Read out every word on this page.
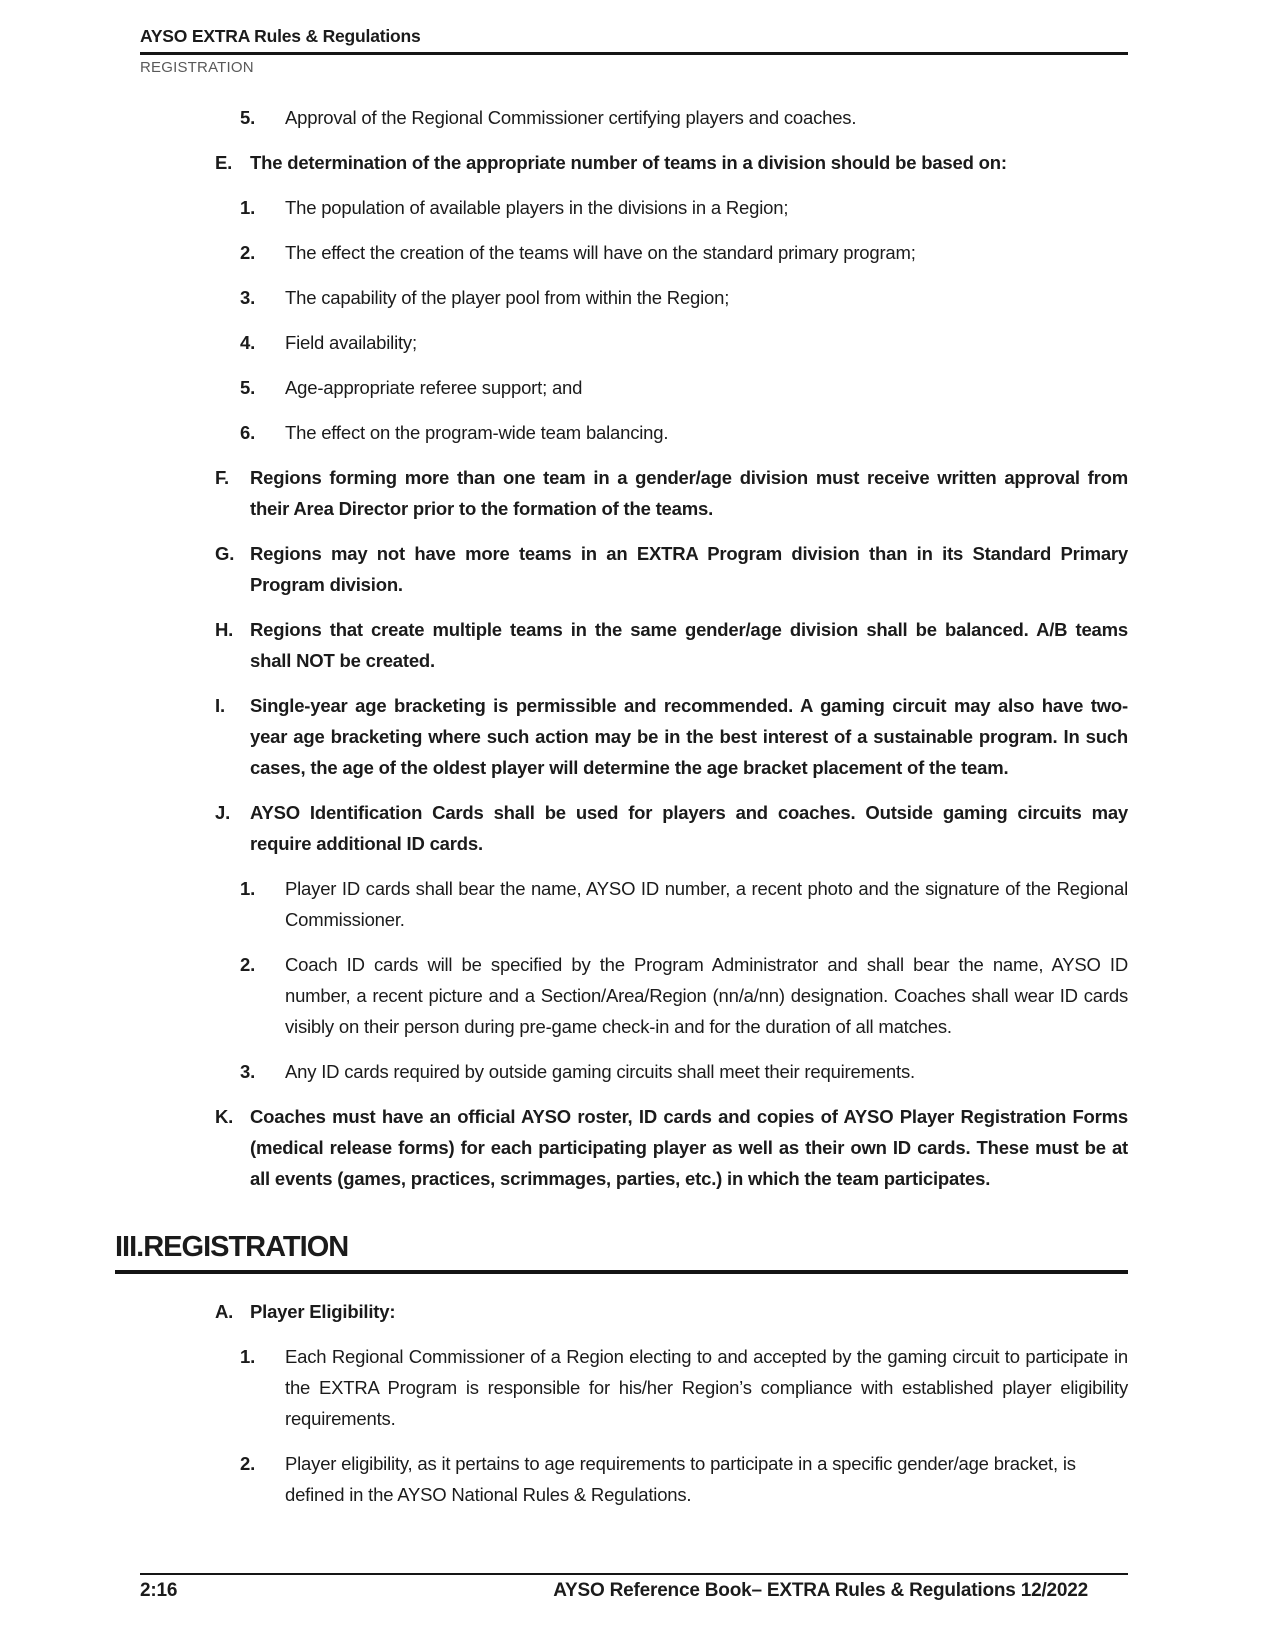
AYSO EXTRA Rules & Regulations
REGISTRATION
5.	Approval of the Regional Commissioner certifying players and coaches.
E. The determination of the appropriate number of teams in a division should be based on:
1.	The population of available players in the divisions in a Region;
2.	The effect the creation of the teams will have on the standard primary program;
3.	The capability of the player pool from within the Region;
4.	Field availability;
5.	Age-appropriate referee support; and
6.	The effect on the program-wide team balancing.
F.	Regions forming more than one team in a gender/age division must receive written approval from their Area Director prior to the formation of the teams.
G. Regions may not have more teams in an EXTRA Program division than in its Standard Primary Program division.
H. Regions that create multiple teams in the same gender/age division shall be balanced. A/B teams shall NOT be created.
I.	Single-year age bracketing is permissible and recommended. A gaming circuit may also have two-year age bracketing where such action may be in the best interest of a sustainable program. In such cases, the age of the oldest player will determine the age bracket placement of the team.
J.	AYSO Identification Cards shall be used for players and coaches. Outside gaming circuits may require additional ID cards.
1.	Player ID cards shall bear the name, AYSO ID number, a recent photo and the signature of the Regional Commissioner.
2.	Coach ID cards will be specified by the Program Administrator and shall bear the name, AYSO ID number, a recent picture and a Section/Area/Region (nn/a/nn) designation. Coaches shall wear ID cards visibly on their person during pre-game check-in and for the duration of all matches.
3.	Any ID cards required by outside gaming circuits shall meet their requirements.
K. Coaches must have an official AYSO roster, ID cards and copies of AYSO Player Registration Forms (medical release forms) for each participating player as well as their own ID cards. These must be at all events (games, practices, scrimmages, parties, etc.) in which the team participates.
III.REGISTRATION
A. Player Eligibility:
1.	Each Regional Commissioner of a Region electing to and accepted by the gaming circuit to participate in the EXTRA Program is responsible for his/her Region’s compliance with established player eligibility requirements.
2.	Player eligibility, as it pertains to age requirements to participate in a specific gender/age bracket, is defined in the AYSO National Rules & Regulations.
2:16	AYSO Reference Book– EXTRA Rules & Regulations 12/2022
